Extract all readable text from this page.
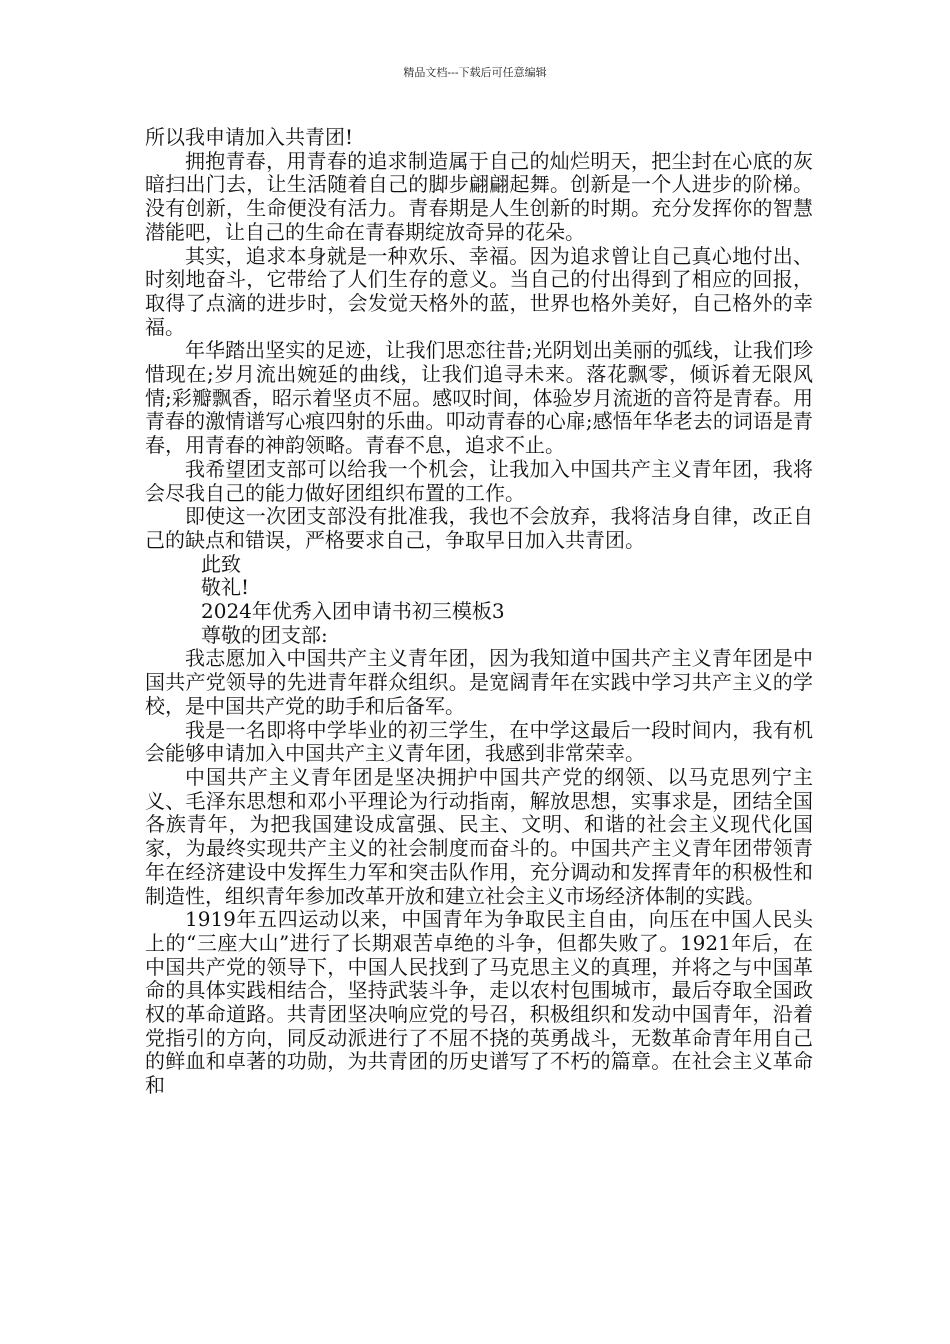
精品文档---下载后可任意编辑

所以我申请加入共青团!

拥抱青春，用青春的追求制造属于自己的灿烂明天，把尘封在心底的灰暗扫出门去，让生活随着自己的脚步翩翩起舞。创新是一个人进步的阶梯。没有创新，生命便没有活力。青春期是人生创新的时期。充分发挥你的智慧潜能吧，让自己的生命在青春期绽放奇异的花朵。

其实，追求本身就是一种欢乐、幸福。因为追求曾让自己真心地付出、时刻地奋斗，它带给了人们生存的意义。当自己的付出得到了相应的回报，取得了点滴的进步时，会发觉天格外的蓝，世界也格外美好，自己格外的幸福。

年华踏出坚实的足迹，让我们思恋往昔;光阴划出美丽的弧线，让我们珍惜现在;岁月流出婉延的曲线，让我们追寻未来。落花飘零，倾诉着无限风情;彩瓣飘香，昭示着坚贞不屈。感叹时间，体验岁月流逝的音符是青春。用青春的激情谱写心痕四射的乐曲。叩动青春的心扉;感悟年华老去的词语是青春，用青春的神韵领略。青春不息，追求不止。

我希望团支部可以给我一个机会，让我加入中国共产主义青年团，我将会尽我自己的能力做好团组织布置的工作。

即使这一次团支部没有批准我，我也不会放弃，我将洁身自律，改正自己的缺点和错误，严格要求自己，争取早日加入共青团。

此致

敬礼!

2024年优秀入团申请书初三模板3

尊敬的团支部:

我志愿加入中国共产主义青年团，因为我知道中国共产主义青年团是中国共产党领导的先进青年群众组织。是宽阔青年在实践中学习共产主义的学校，是中国共产党的助手和后备军。

我是一名即将中学毕业的初三学生，在中学这最后一段时间内，我有机会能够申请加入中国共产主义青年团，我感到非常荣幸。

中国共产主义青年团是坚决拥护中国共产党的纲领、以马克思列宁主义、毛泽东思想和邓小平理论为行动指南，解放思想，实事求是，团结全国各族青年，为把我国建设成富强、民主、文明、和谐的社会主义现代化国家，为最终实现共产主义的社会制度而奋斗的。中国共产主义青年团带领青年在经济建设中发挥生力军和突击队作用，充分调动和发挥青年的积极性和制造性，组织青年参加改革开放和建立社会主义市场经济体制的实践。

1919年五四运动以来，中国青年为争取民主自由，向压在中国人民头上的“三座大山”进行了长期艰苦卓绝的斗争，但都失败了。1921年后，在中国共产党的领导下，中国人民找到了马克思主义的真理，并将之与中国革命的具体实践相结合，坚持武装斗争，走以农村包围城市，最后夺取全国政权的革命道路。共青团坚决响应党的号召，积极组织和发动中国青年，沿着党指引的方向，同反动派进行了不屈不挠的英勇战斗，无数革命青年用自己的鲜血和卓著的功勋，为共青团的历史谱写了不朽的篇章。在社会主义革命和
